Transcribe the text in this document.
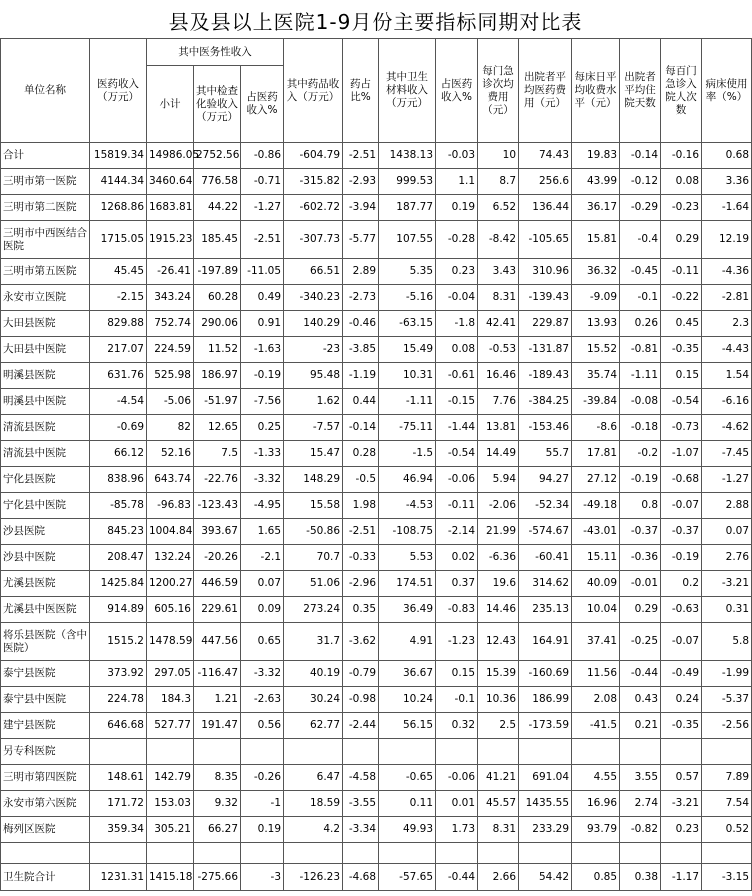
县及县以上医院1-9月份主要指标同期对比表
单位名称	医药收入（万元）	其中医务性收入			其中药品收入（万元）	药占比%	其中卫生材料收入（万元）	占医药收入%	每门急诊次均费用（元）	出院者平均医药费用（元）	每床日平均收费水平（元）	出院者平均住院天数	每百门急诊入院人次数	病床使用率（%）
		小计	其中检查化验收入（万元）	占医药收入%										
合计	15819.34	14986.05	2752.56	-0.86	-604.79	-2.51	1438.13	-0.03	10	74.43	19.83	-0.14	-0.16	0.68
三明市第一医院	4144.34	3460.64	776.58	-0.71	-315.82	-2.93	999.53	1.1	8.7	256.6	43.99	-0.12	0.08	3.36
三明市第二医院	1268.86	1683.81	44.22	-1.27	-602.72	-3.94	187.77	0.19	6.52	136.44	36.17	-0.29	-0.23	-1.64
三明市中西医结合医院	1715.05	1915.23	185.45	-2.51	-307.73	-5.77	107.55	-0.28	-8.42	-105.65	15.81	-0.4	0.29	12.19
三明市第五医院	45.45	-26.41	-197.89	-11.05	66.51	2.89	5.35	0.23	3.43	310.96	36.32	-0.45	-0.11	-4.36
永安市立医院	-2.15	343.24	60.28	0.49	-340.23	-2.73	-5.16	-0.04	8.31	-139.43	-9.09	-0.1	-0.22	-2.81
大田县医院	829.88	752.74	290.06	0.91	140.29	-0.46	-63.15	-1.8	42.41	229.87	13.93	0.26	0.45	2.3
大田县中医院	217.07	224.59	11.52	-1.63	-23	-3.85	15.49	0.08	-0.53	-131.87	15.52	-0.81	-0.35	-4.43
明溪县医院	631.76	525.98	186.97	-0.19	95.48	-1.19	10.31	-0.61	16.46	-189.43	35.74	-1.11	0.15	1.54
明溪县中医院	-4.54	-5.06	-51.97	-7.56	1.62	0.44	-1.11	-0.15	7.76	-384.25	-39.84	-0.08	-0.54	-6.16
清流县医院	-0.69	82	12.65	0.25	-7.57	-0.14	-75.11	-1.44	13.81	-153.46	-8.6	-0.18	-0.73	-4.62
清流县中医院	66.12	52.16	7.5	-1.33	15.47	0.28	-1.5	-0.54	14.49	55.7	17.81	-0.2	-1.07	-7.45
宁化县医院	838.96	643.74	-22.76	-3.32	148.29	-0.5	46.94	-0.06	5.94	94.27	27.12	-0.19	-0.68	-1.27
宁化县中医院	-85.78	-96.83	-123.43	-4.95	15.58	1.98	-4.53	-0.11	-2.06	-52.34	-49.18	0.8	-0.07	2.88
沙县医院	845.23	1004.84	393.67	1.65	-50.86	-2.51	-108.75	-2.14	21.99	-574.67	-43.01	-0.37	-0.37	0.07
沙县中医院	208.47	132.24	-20.26	-2.1	70.7	-0.33	5.53	0.02	-6.36	-60.41	15.11	-0.36	-0.19	2.76
尤溪县医院	1425.84	1200.27	446.59	0.07	51.06	-2.96	174.51	0.37	19.6	314.62	40.09	-0.01	0.2	-3.21
尤溪县中医医院	914.89	605.16	229.61	0.09	273.24	0.35	36.49	-0.83	14.46	235.13	10.04	0.29	-0.63	0.31
将乐县医院（含中医院）	1515.2	1478.59	447.56	0.65	31.7	-3.62	4.91	-1.23	12.43	164.91	37.41	-0.25	-0.07	5.8
泰宁县医院	373.92	297.05	-116.47	-3.32	40.19	-0.79	36.67	0.15	15.39	-160.69	11.56	-0.44	-0.49	-1.99
泰宁县中医院	224.78	184.3	1.21	-2.63	30.24	-0.98	10.24	-0.1	10.36	186.99	2.08	0.43	0.24	-5.37
建宁县医院	646.68	527.77	191.47	0.56	62.77	-2.44	56.15	0.32	2.5	-173.59	-41.5	0.21	-0.35	-2.56
另专科医院														
三明市第四医院	148.61	142.79	8.35	-0.26	6.47	-4.58	-0.65	-0.06	41.21	691.04	4.55	3.55	0.57	7.89
永安市第六医院	171.72	153.03	9.32	-1	18.59	-3.55	0.11	0.01	45.57	1435.55	16.96	2.74	-3.21	7.54
梅列区医院	359.34	305.21	66.27	0.19	4.2	-3.34	49.93	1.73	8.31	233.29	93.79	-0.82	0.23	0.52

卫生院合计	1231.31	1415.18	-275.66	-3	-126.23	-4.68	-57.65	-0.44	2.66	54.42	0.85	0.38	-1.17	-3.15
